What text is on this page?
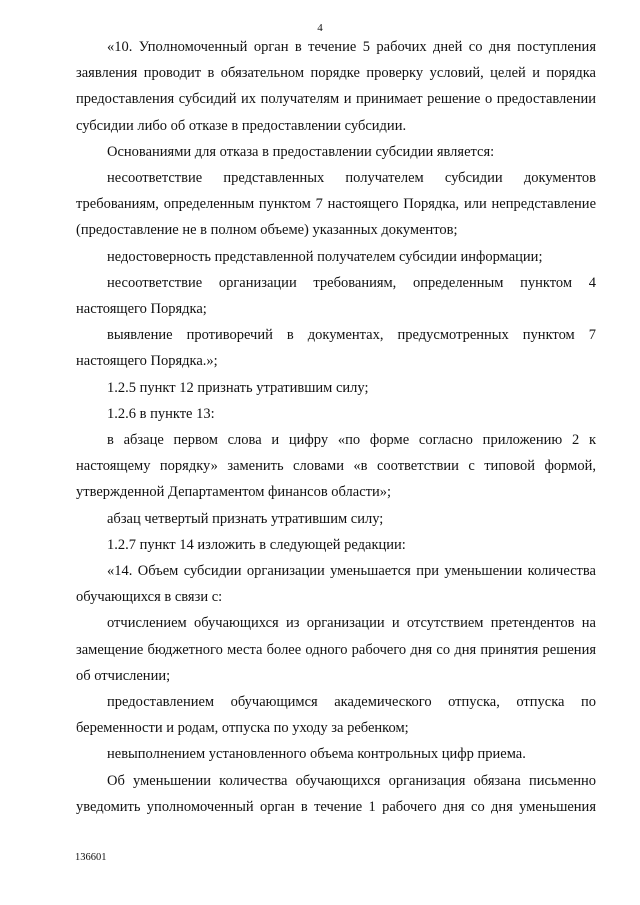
4

«10. Уполномоченный орган в течение 5 рабочих дней со дня поступления заявления проводит в обязательном порядке проверку условий, целей и порядка предоставления субсидий их получателям и принимает решение о предоставлении субсидии либо об отказе в предоставлении субсидии.

Основаниями для отказа в предоставлении субсидии является:

несоответствие представленных получателем субсидии документов требованиям, определенным пунктом 7 настоящего Порядка, или непредставление (предоставление не в полном объеме) указанных документов;

недостоверность представленной получателем субсидии информации;

несоответствие организации требованиям, определенным пунктом 4 настоящего Порядка;

выявление противоречий в документах, предусмотренных пунктом 7 настоящего Порядка.»;

1.2.5 пункт 12 признать утратившим силу;

1.2.6 в пункте 13:

в абзаце первом слова и цифру «по форме согласно приложению 2 к настоящему порядку» заменить словами «в соответствии с типовой формой, утвержденной Департаментом финансов области»;

абзац четвертый признать утратившим силу;

1.2.7 пункт 14 изложить в следующей редакции:

«14. Объем субсидии организации уменьшается при уменьшении количества обучающихся в связи с:

отчислением обучающихся из организации и отсутствием претендентов на замещение бюджетного места более одного рабочего дня со дня принятия решения об отчислении;

предоставлением обучающимся академического отпуска, отпуска по беременности и родам, отпуска по уходу за ребенком;

невыполнением установленного объема контрольных цифр приема.

Об уменьшении количества обучающихся организация обязана письменно уведомить уполномоченный орган в течение 1 рабочего дня со дня уменьшения

136601
